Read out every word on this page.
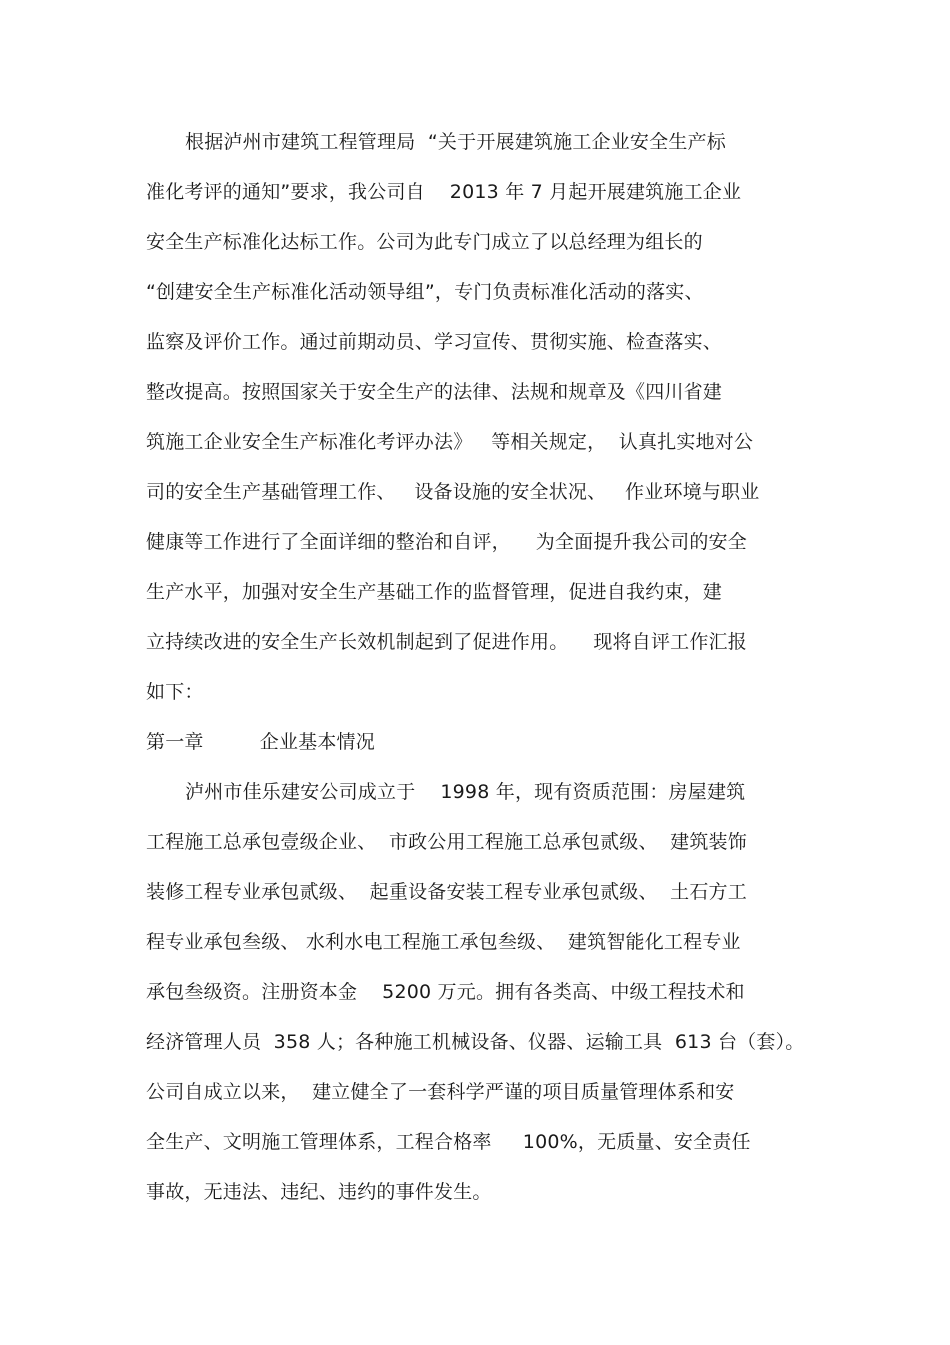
根据泸州市建筑工程管理局  “关于开展建筑施工企业安全生产标
准化考评的通知”要求，我公司自    2013 年 7 月起开展建筑施工企业
安全生产标准化达标工作。公司为此专门成立了以总经理为组长的
“创建安全生产标准化活动领导组”，专门负责标准化活动的落实、
监察及评价工作。通过前期动员、学习宣传、贯彻实施、检查落实、
整改提高。按照国家关于安全生产的法律、法规和规章及《四川省建
筑施工企业安全生产标准化考评办法》   等相关规定，  认真扎实地对公
司的安全生产基础管理工作、   设备设施的安全状况、   作业环境与职业
健康等工作进行了全面详细的整治和自评，    为全面提升我公司的安全
生产水平，加强对安全生产基础工作的监督管理，促进自我约束，建
立持续改进的安全生产长效机制起到了促进作用。    现将自评工作汇报
如下：
第一章         企业基本情况
泸州市佳乐建安公司成立于    1998 年，现有资质范围：房屋建筑
工程施工总承包壹级企业、  市政公用工程施工总承包贰级、  建筑装饰
装修工程专业承包贰级、  起重设备安装工程专业承包贰级、  土石方工
程专业承包叁级、 水利水电工程施工承包叁级、  建筑智能化工程专业
承包叁级资。注册资本金    5200 万元。拥有各类高、中级工程技术和
经济管理人员  358 人；各种施工机械设备、仪器、运输工具  613 台（套）。
公司自成立以来，  建立健全了一套科学严谨的项目质量管理体系和安
全生产、文明施工管理体系，工程合格率     100%，无质量、安全责任
事故，无违法、违纪、违约的事件发生。
